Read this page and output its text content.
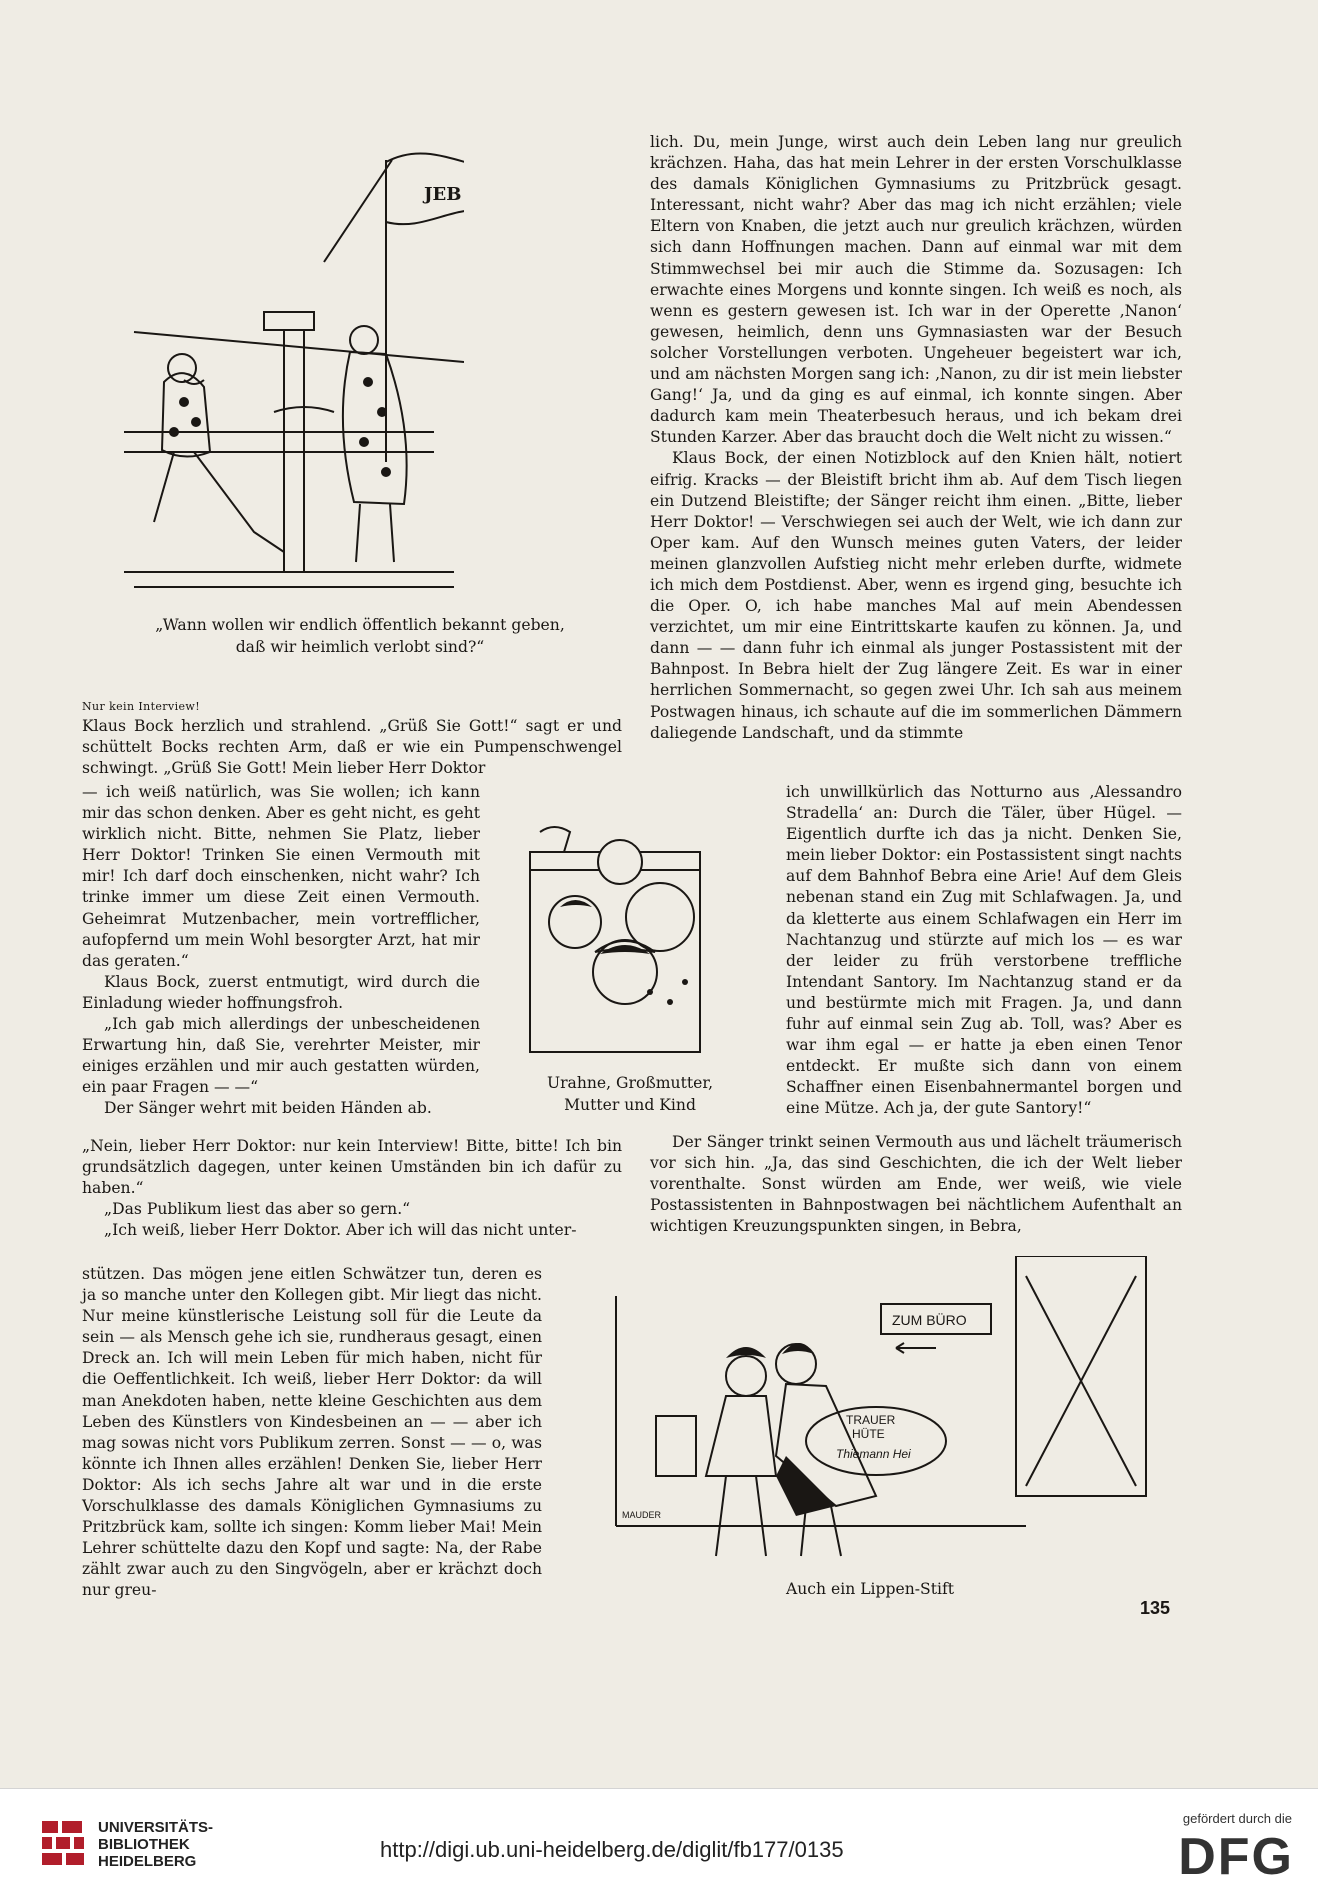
JEB
„Wann wollen wir endlich öffentlich bekannt geben, daß wir heimlich verlobt sind?“

Nur kein Interview!

Klaus Bock herzlich und strahlend. „Grüß Sie Gott!“ sagt er und schüttelt Bocks rechten Arm, daß er wie ein Pumpenschwengel schwingt. „Grüß Sie Gott! Mein lieber Herr Doktor

— ich weiß natürlich, was Sie wollen; ich kann mir das schon denken. Aber es geht nicht, es geht wirklich nicht. Bitte, nehmen Sie Platz, lieber Herr Doktor! Trinken Sie einen Vermouth mit mir! Ich darf doch einschenken, nicht wahr? Ich trinke immer um diese Zeit einen Vermouth. Geheimrat Mutzenbacher, mein vortrefflicher, aufopfernd um mein Wohl besorgter Arzt, hat mir das geraten.“

Klaus Bock, zuerst entmutigt, wird durch die Einladung wieder hoffnungsfroh.

„Ich gab mich allerdings der unbescheidenen Erwartung hin, daß Sie, verehrter Meister, mir einiges erzählen und mir auch gestatten würden, ein paar Fragen — —“

Der Sänger wehrt mit beiden Händen ab.

Urahne, Großmutter,
Mutter und Kind

„Nein, lieber Herr Doktor: nur kein Interview! Bitte, bitte! Ich bin grundsätzlich dagegen, unter keinen Umständen bin ich dafür zu haben.“

„Das Publikum liest das aber so gern.“

„Ich weiß, lieber Herr Doktor. Aber ich will das nicht unter-

stützen. Das mögen jene eitlen Schwätzer tun, deren es ja so manche unter den Kollegen gibt. Mir liegt das nicht. Nur meine künstlerische Leistung soll für die Leute da sein — als Mensch gehe ich sie, rundheraus gesagt, einen Dreck an. Ich will mein Leben für mich haben, nicht für die Oeffentlichkeit. Ich weiß, lieber Herr Doktor: da will man Anekdoten haben, nette kleine Geschichten aus dem Leben des Künstlers von Kindesbeinen an — — aber ich mag sowas nicht vors Publikum zerren. Sonst — — o, was könnte ich Ihnen alles erzählen! Denken Sie, lieber Herr Doktor: Als ich sechs Jahre alt war und in die erste Vorschulklasse des damals Königlichen Gymnasiums zu Pritzbrück kam, sollte ich singen: Komm lieber Mai! Mein Lehrer schüttelte dazu den Kopf und sagte: Na, der Rabe zählt zwar auch zu den Singvögeln, aber er krächzt doch nur greu-

lich. Du, mein Junge, wirst auch dein Leben lang nur greulich krächzen. Haha, das hat mein Lehrer in der ersten Vorschulklasse des damals Königlichen Gymnasiums zu Pritzbrück gesagt. Interessant, nicht wahr? Aber das mag ich nicht erzählen; viele Eltern von Knaben, die jetzt auch nur greulich krächzen, würden sich dann Hoffnungen machen. Dann auf einmal war mit dem Stimmwechsel bei mir auch die Stimme da. Sozusagen: Ich erwachte eines Morgens und konnte singen. Ich weiß es noch, als wenn es gestern gewesen ist. Ich war in der Operette ‚Nanon‘ gewesen, heimlich, denn uns Gymnasiasten war der Besuch solcher Vorstellungen verboten. Ungeheuer begeistert war ich, und am nächsten Morgen sang ich: ‚Nanon, zu dir ist mein liebster Gang!‘ Ja, und da ging es auf einmal, ich konnte singen. Aber dadurch kam mein Theaterbesuch heraus, und ich bekam drei Stunden Karzer. Aber das braucht doch die Welt nicht zu wissen.“

Klaus Bock, der einen Notizblock auf den Knien hält, notiert eifrig. Kracks — der Bleistift bricht ihm ab. Auf dem Tisch liegen ein Dutzend Bleistifte; der Sänger reicht ihm einen. „Bitte, lieber Herr Doktor! — Verschwiegen sei auch der Welt, wie ich dann zur Oper kam. Auf den Wunsch meines guten Vaters, der leider meinen glanzvollen Aufstieg nicht mehr erleben durfte, widmete ich mich dem Postdienst. Aber, wenn es irgend ging, besuchte ich die Oper. O, ich habe manches Mal auf mein Abendessen verzichtet, um mir eine Eintrittskarte kaufen zu können. Ja, und dann — — dann fuhr ich einmal als junger Postassistent mit der Bahnpost. In Bebra hielt der Zug längere Zeit. Es war in einer herrlichen Sommernacht, so gegen zwei Uhr. Ich sah aus meinem Postwagen hinaus, ich schaute auf die im sommerlichen Dämmern daliegende Landschaft, und da stimmte

ich unwillkürlich das Notturno aus ‚Alessandro Stradella‘ an: Durch die Täler, über Hügel. — Eigentlich durfte ich das ja nicht. Denken Sie, mein lieber Doktor: ein Postassistent singt nachts auf dem Bahnhof Bebra eine Arie! Auf dem Gleis nebenan stand ein Zug mit Schlafwagen. Ja, und da kletterte aus einem Schlafwagen ein Herr im Nachtanzug und stürzte auf mich los — es war der leider zu früh verstorbene treffliche Intendant Santory. Im Nachtanzug stand er da und bestürmte mich mit Fragen. Ja, und dann fuhr auf einmal sein Zug ab. Toll, was? Aber es war ihm egal — er hatte ja eben einen Tenor entdeckt. Er mußte sich dann von einem Schaffner einen Eisenbahnermantel borgen und eine Mütze. Ach ja, der gute Santory!“

Der Sänger trinkt seinen Vermouth aus und lächelt träumerisch vor sich hin. „Ja, das sind Geschichten, die ich der Welt lieber vorenthalte. Sonst würden am Ende, wer weiß, wie viele Postassistenten in Bahnpostwagen bei nächtlichem Aufenthalt an wichtigen Kreuzungspunkten singen, in Bebra,

ZUM BÜRO
TRAUER
HÜTE
Thiemann Hei
MAUDER
Auch ein Lippen-Stift
135
UNIVERSITÄTS-
BIBLIOTHEK
HEIDELBERG	http://digi.ub.uni-heidelberg.de/diglit/fb177/0135
gefördert durch die
DFG
